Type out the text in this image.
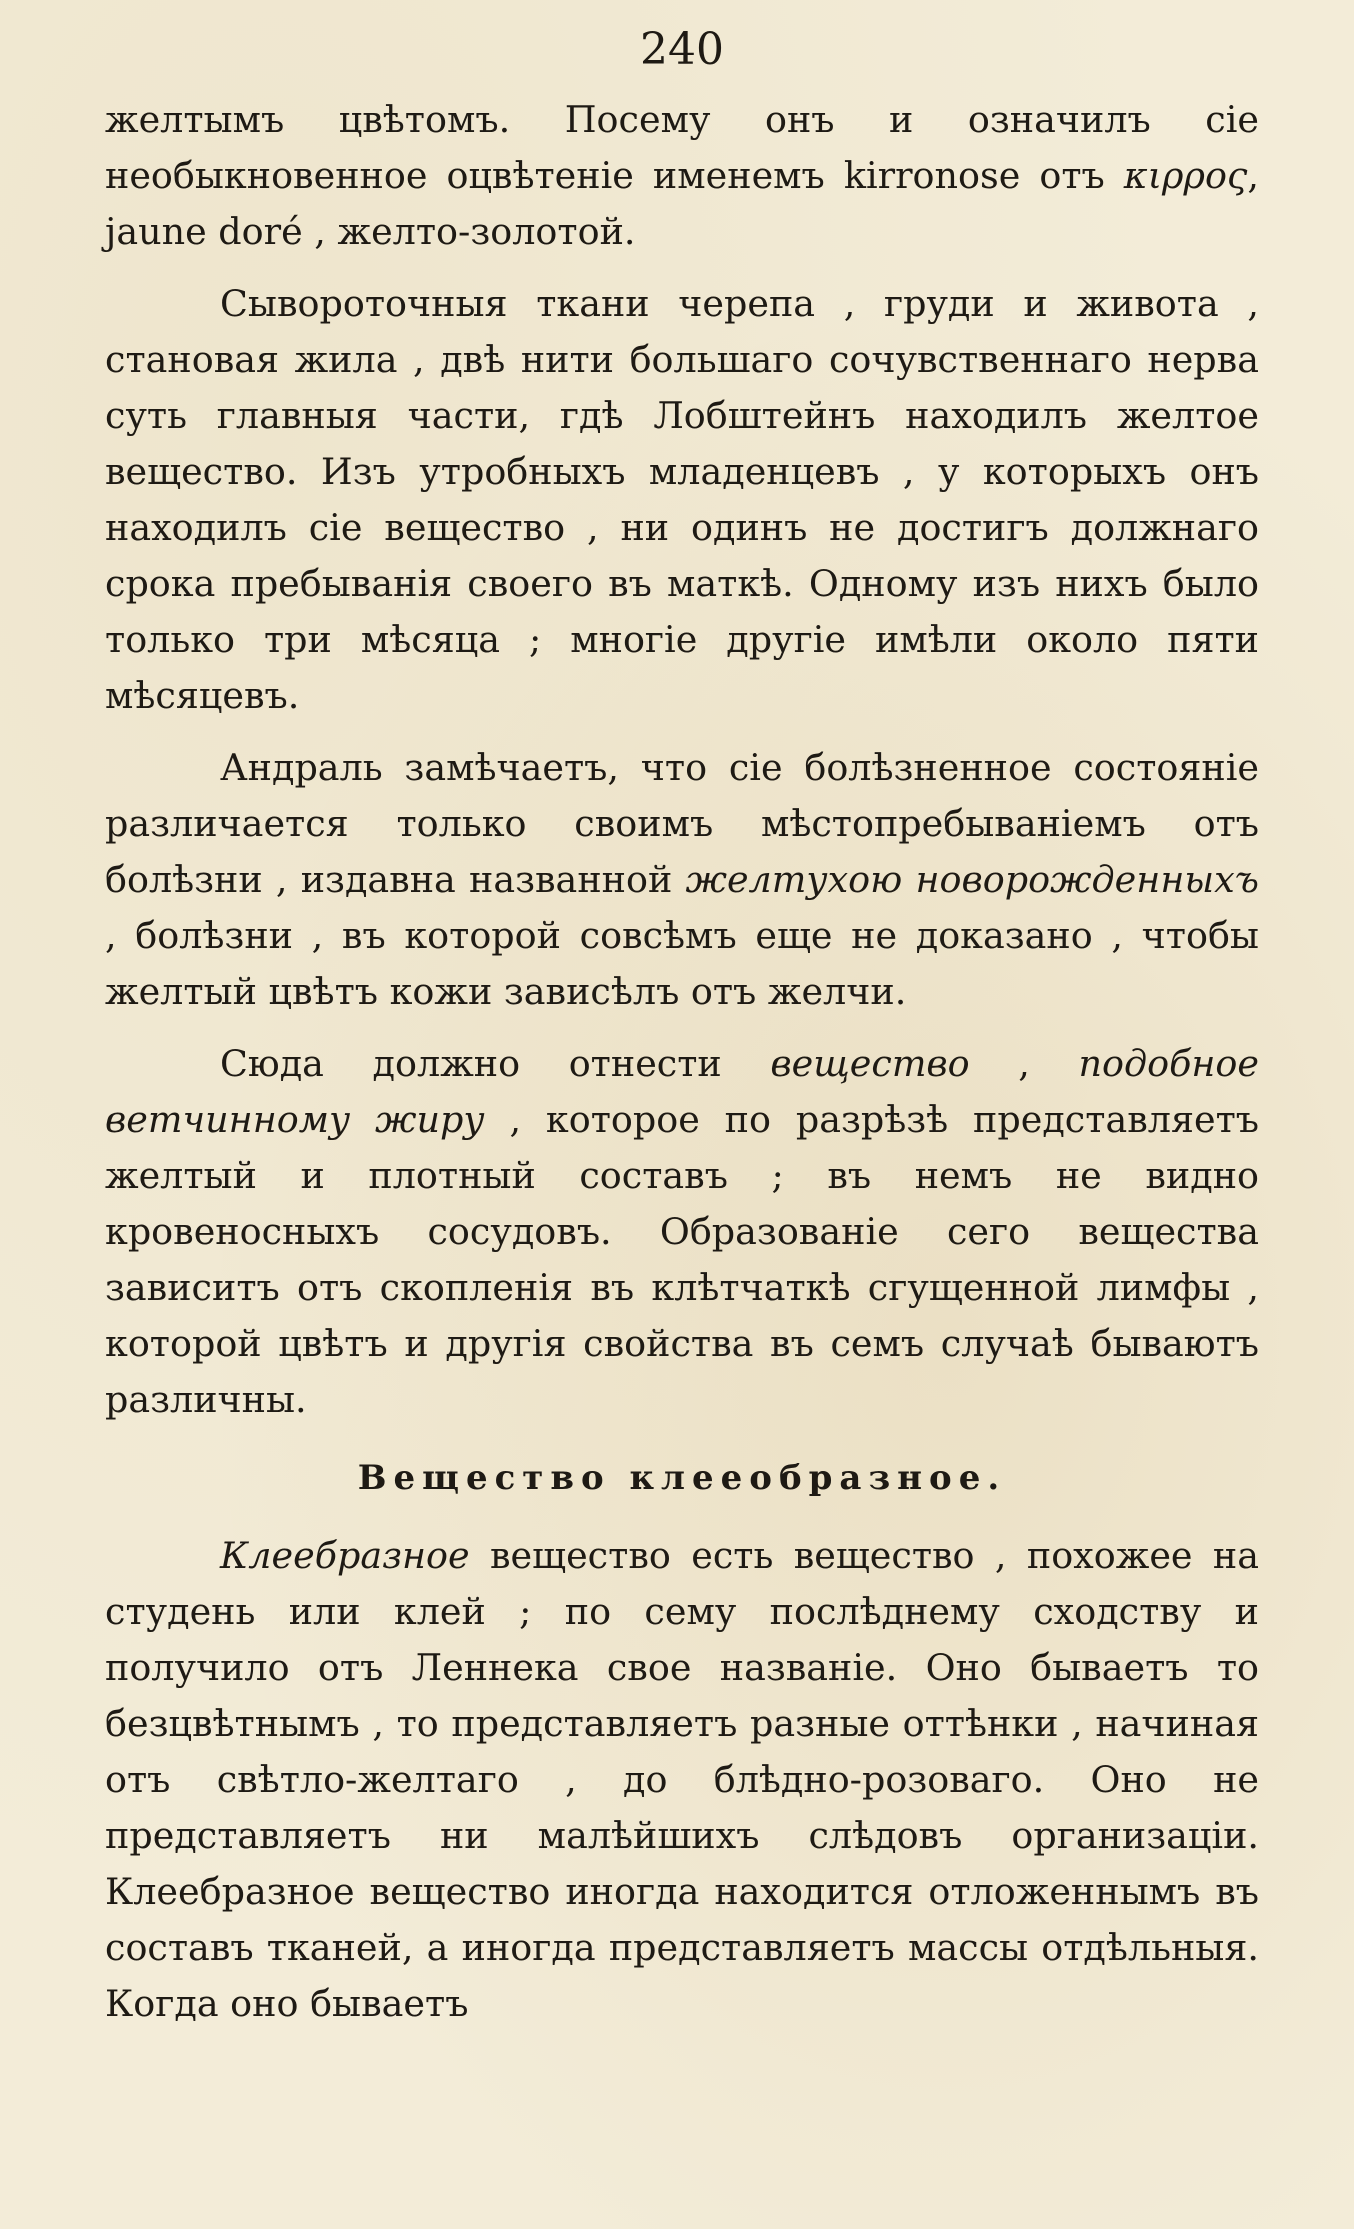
240

желтымъ цвѣтомъ. Посему онъ и означилъ сіе необыкновенное оцвѣтеніе именемъ kirronose отъ κιρρος, jaune doré , желто-золотой.

Сывороточныя ткани черепа , груди и живота , становая жила , двѣ нити большаго сочувственнаго нерва суть главныя части, гдѣ Лобштейнъ находилъ желтое вещество. Изъ утробныхъ младенцевъ , у которыхъ онъ находилъ сіе вещество , ни одинъ не достигъ должнаго срока пребыванія своего въ маткѣ. Одному изъ нихъ было только три мѣсяца ; многіе другіе имѣли около пяти мѣсяцевъ.

Андраль замѣчаетъ, что сіе болѣзненное состояніе различается только своимъ мѣстопребываніемъ отъ болѣзни , издавна названной желтухою новорожденныхъ , болѣзни , въ которой совсѣмъ еще не доказано , чтобы желтый цвѣтъ кожи зависѣлъ отъ желчи.

Сюда должно отнести вещество , подобное ветчинному жиру , которое по разрѣзѣ представляетъ желтый и плотный составъ ; въ немъ не видно кровеносныхъ сосудовъ. Образованіе сего вещества зависитъ отъ скопленія въ клѣтчаткѣ сгущенной лимфы , которой цвѣтъ и другія свойства въ семъ случаѣ бываютъ различны.

Вещество клееобразное.

Клеебразное вещество есть вещество , похожее на студень или клей ; по сему послѣднему сходству и получило отъ Леннека свое названіе. Оно бываетъ то безцвѣтнымъ , то представляетъ разные оттѣнки , начиная отъ свѣтло-желтаго , до блѣдно-розоваго. Оно не представляетъ ни малѣйшихъ слѣдовъ организаціи. Клеебразное вещество иногда находится отложеннымъ въ составъ тканей, а иногда представляетъ массы отдѣльныя. Когда оно бываетъ
